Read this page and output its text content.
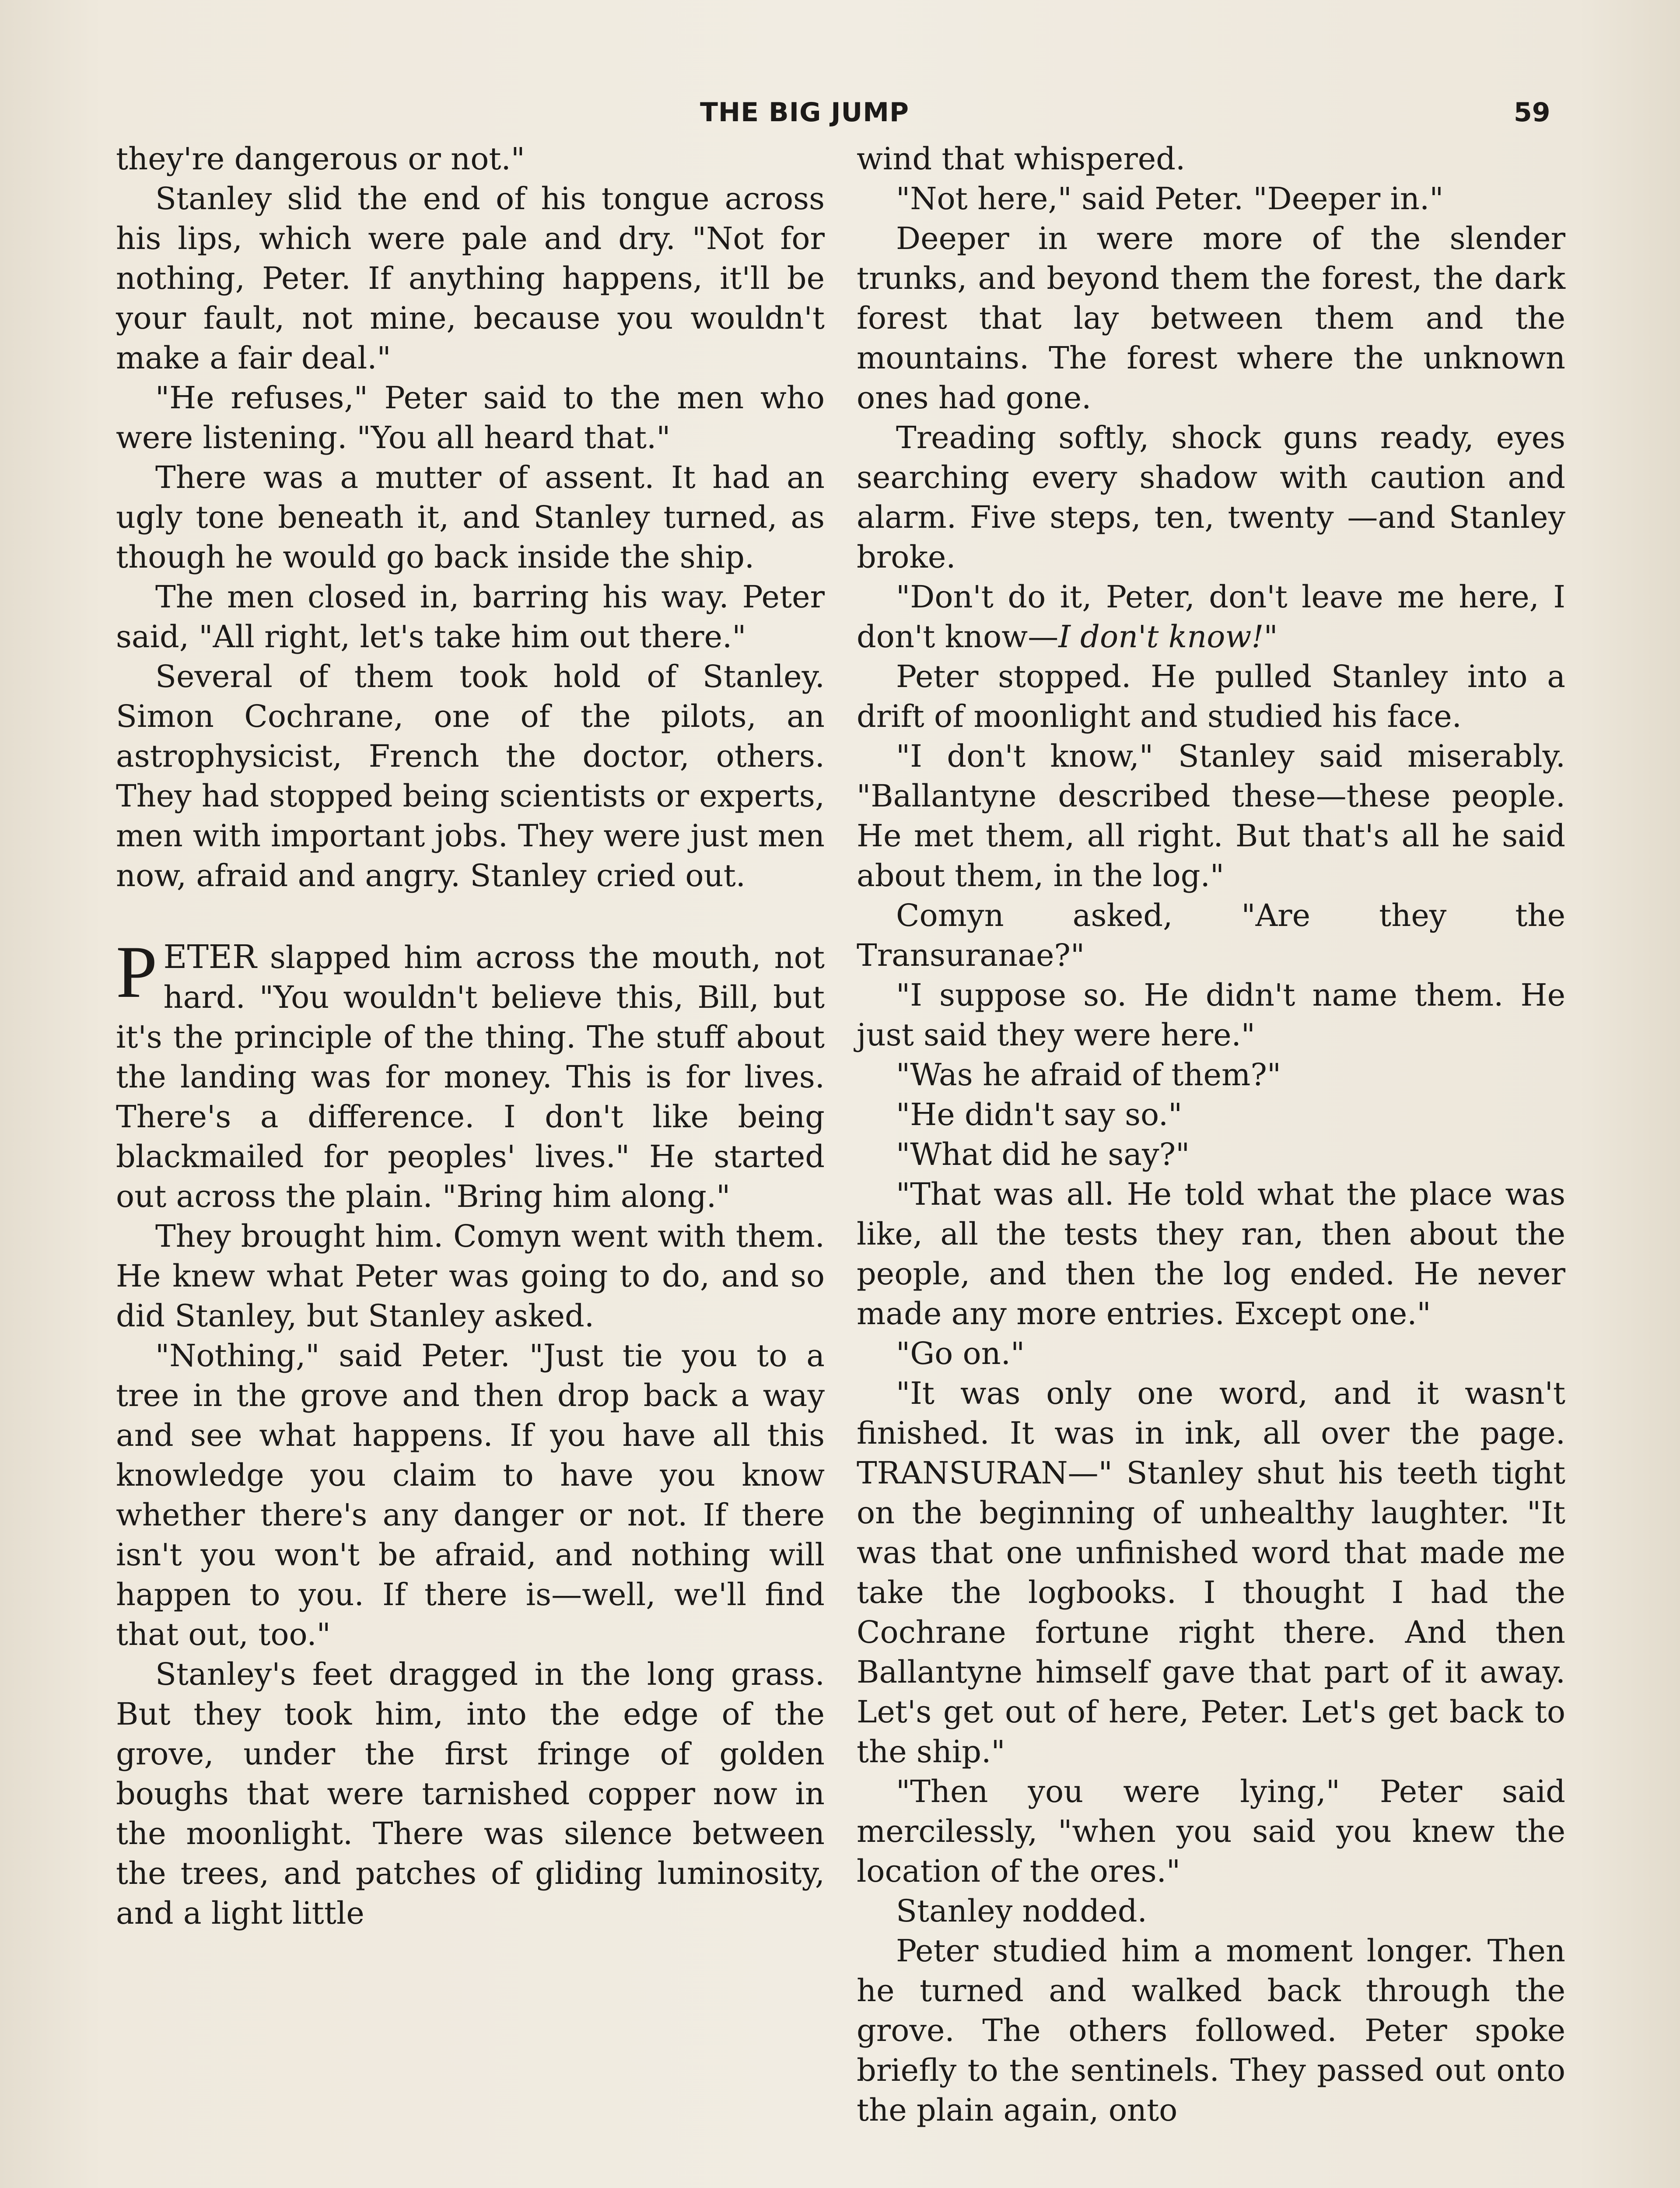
THE BIG JUMP	59

they're dangerous or not."

Stanley slid the end of his tongue across his lips, which were pale and dry. "Not for nothing, Peter. If anything happens, it'll be your fault, not mine, because you wouldn't make a fair deal."

"He refuses," Peter said to the men who were listening. "You all heard that."

There was a mutter of assent. It had an ugly tone beneath it, and Stanley turned, as though he would go back inside the ship.

The men closed in, barring his way. Peter said, "All right, let's take him out there."

Several of them took hold of Stanley. Simon Cochrane, one of the pilots, an astrophysicist, French the doctor, others. They had stopped being scientists or experts, men with important jobs. They were just men now, afraid and angry. Stanley cried out.

PETER slapped him across the mouth, not hard. "You wouldn't believe this, Bill, but it's the principle of the thing. The stuff about the landing was for money. This is for lives. There's a difference. I don't like being blackmailed for peoples' lives." He started out across the plain. "Bring him along."

They brought him. Comyn went with them. He knew what Peter was going to do, and so did Stanley, but Stanley asked.

"Nothing," said Peter. "Just tie you to a tree in the grove and then drop back a way and see what happens. If you have all this knowledge you claim to have you know whether there's any danger or not. If there isn't you won't be afraid, and nothing will happen to you. If there is—well, we'll find that out, too."

Stanley's feet dragged in the long grass. But they took him, into the edge of the grove, under the first fringe of golden boughs that were tarnished copper now in the moonlight. There was silence between the trees, and patches of gliding luminosity, and a light little

wind that whispered.

"Not here," said Peter. "Deeper in."

Deeper in were more of the slender trunks, and beyond them the forest, the dark forest that lay between them and the mountains. The forest where the unknown ones had gone.

Treading softly, shock guns ready, eyes searching every shadow with caution and alarm. Five steps, ten, twenty —and Stanley broke.

"Don't do it, Peter, don't leave me here, I don't know—I don't know!"

Peter stopped. He pulled Stanley into a drift of moonlight and studied his face.

"I don't know," Stanley said miserably. "Ballantyne described these—these people. He met them, all right. But that's all he said about them, in the log."

Comyn asked, "Are they the Transuranae?"

"I suppose so. He didn't name them. He just said they were here."

"Was he afraid of them?"

"He didn't say so."

"What did he say?"

"That was all. He told what the place was like, all the tests they ran, then about the people, and then the log ended. He never made any more entries. Except one."

"Go on."

"It was only one word, and it wasn't finished. It was in ink, all over the page. TRANSURAN—" Stanley shut his teeth tight on the beginning of unhealthy laughter. "It was that one unfinished word that made me take the logbooks. I thought I had the Cochrane fortune right there. And then Ballantyne himself gave that part of it away. Let's get out of here, Peter. Let's get back to the ship."

"Then you were lying," Peter said mercilessly, "when you said you knew the location of the ores."

Stanley nodded.

Peter studied him a moment longer. Then he turned and walked back through the grove. The others followed. Peter spoke briefly to the sentinels. They passed out onto the plain again, onto
